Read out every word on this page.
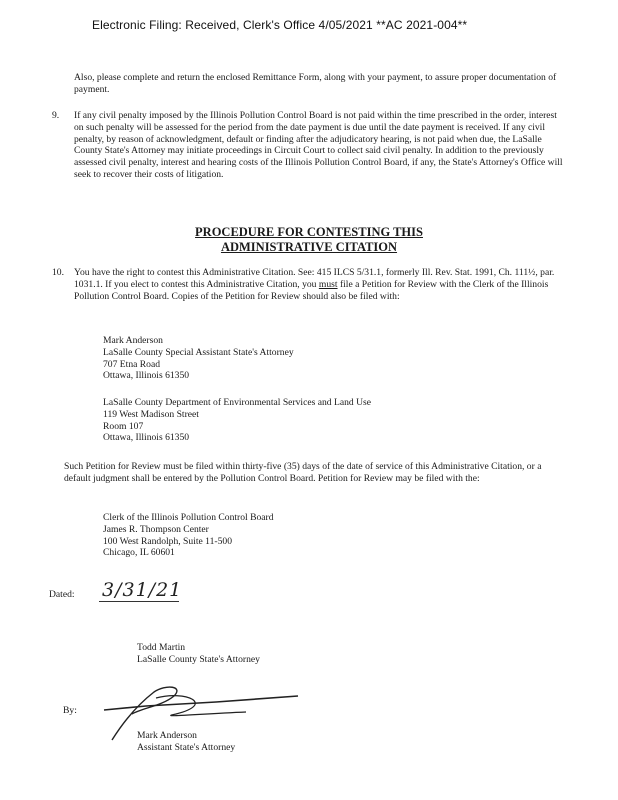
Electronic Filing: Received, Clerk's Office 4/05/2021 **AC 2021-004**
Also, please complete and return the enclosed Remittance Form, along with your payment, to assure proper documentation of payment.
9. If any civil penalty imposed by the Illinois Pollution Control Board is not paid within the time prescribed in the order, interest on such penalty will be assessed for the period from the date payment is due until the date payment is received. If any civil penalty, by reason of acknowledgment, default or finding after the adjudicatory hearing, is not paid when due, the LaSalle County State's Attorney may initiate proceedings in Circuit Court to collect said civil penalty. In addition to the previously assessed civil penalty, interest and hearing costs of the Illinois Pollution Control Board, if any, the State's Attorney's Office will seek to recover their costs of litigation.
PROCEDURE FOR CONTESTING THIS
ADMINISTRATIVE CITATION
10. You have the right to contest this Administrative Citation. See: 415 ILCS 5/31.1, formerly Ill. Rev. Stat. 1991, Ch. 111½, par. 1031.1. If you elect to contest this Administrative Citation, you must file a Petition for Review with the Clerk of the Illinois Pollution Control Board. Copies of the Petition for Review should also be filed with:
Mark Anderson
LaSalle County Special Assistant State's Attorney
707 Etna Road
Ottawa, Illinois 61350
LaSalle County Department of Environmental Services and Land Use
119 West Madison Street
Room 107
Ottawa, Illinois 61350
Such Petition for Review must be filed within thirty-five (35) days of the date of service of this Administrative Citation, or a default judgment shall be entered by the Pollution Control Board. Petition for Review may be filed with the:
Clerk of the Illinois Pollution Control Board
James R. Thompson Center
100 West Randolph, Suite 11-500
Chicago, IL 60601
Dated: 3/31/21
Todd Martin
LaSalle County State's Attorney
By:
Mark Anderson
Assistant State's Attorney
